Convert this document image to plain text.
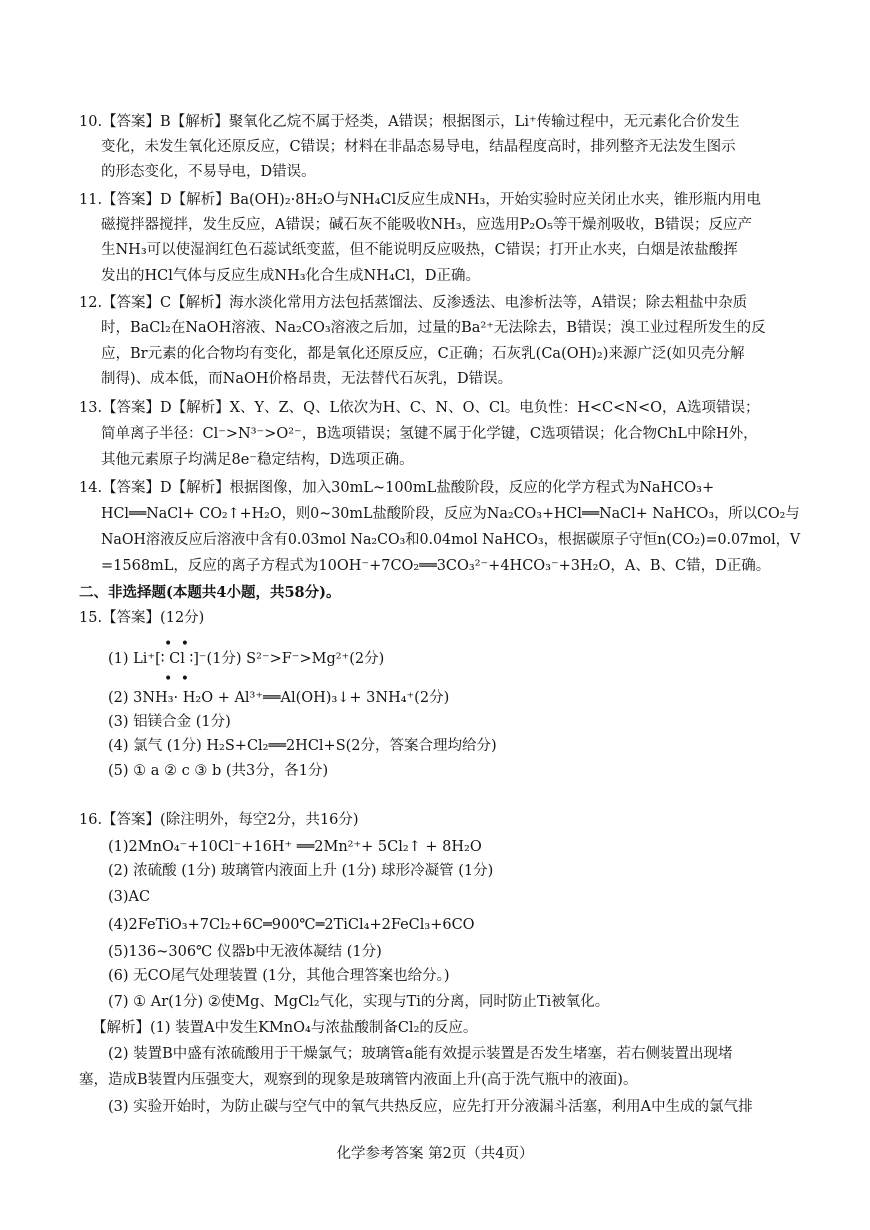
10.【答案】B【解析】聚氧化乙烷不属于烃类，A错误；根据图示，Li⁺传输过程中，无元素化合价发生
变化，未发生氧化还原反应，C错误；材料在非晶态易导电，结晶程度高时，排列整齐无法发生图示
的形态变化，不易导电，D错误。
11.【答案】D【解析】Ba(OH)₂·8H₂O与NH₄Cl反应生成NH₃，开始实验时应关闭止水夹，锥形瓶内用电
磁搅拌器搅拌，发生反应，A错误；碱石灰不能吸收NH₃，应选用P₂O₅等干燥剂吸收，B错误；反应产
生NH₃可以使湿润红色石蕊试纸变蓝，但不能说明反应吸热，C错误；打开止水夹，白烟是浓盐酸挥
发出的HCl气体与反应生成NH₃化合生成NH₄Cl，D正确。
12.【答案】C【解析】海水淡化常用方法包括蒸馏法、反渗透法、电渗析法等，A错误；除去粗盐中杂质
时，BaCl₂在NaOH溶液、Na₂CO₃溶液之后加，过量的Ba²⁺无法除去，B错误；溴工业过程所发生的反
应，Br元素的化合物均有变化，都是氧化还原反应，C正确；石灰乳(Ca(OH)₂)来源广泛(如贝壳分解
制得)、成本低，而NaOH价格昂贵，无法替代石灰乳，D错误。
13.【答案】D【解析】X、Y、Z、Q、L依次为H、C、N、O、Cl。电负性：H<C<N<O，A选项错误；
简单离子半径：Cl⁻>N³⁻>O²⁻，B选项错误；氢键不属于化学键，C选项错误；化合物ChL中除H外，
其他元素原子均满足8e⁻稳定结构，D选项正确。
14.【答案】D【解析】根据图像，加入30mL~100mL盐酸阶段，反应的化学方程式为NaHCO₃+
HCl══NaCl+ CO₂↑+H₂O，则0~30mL盐酸阶段，反应为Na₂CO₃+HCl══NaCl+ NaHCO₃，所以CO₂与
NaOH溶液反应后溶液中含有0.03mol Na₂CO₃和0.04mol NaHCO₃，根据碳原子守恒n(CO₂)=0.07mol，V
=1568mL，反应的离子方程式为10OH⁻+7CO₂══3CO₃²⁻+4HCO₃⁻+3H₂O，A、B、C错，D正确。
二、非选择题(本题共4小题，共58分)。
15.【答案】(12分)
(1) Li⁺[∶ Cl ∶]⁻(1分) S²⁻>F⁻>Mg²⁺(2分)
(2) 3NH₃· H₂O + Al³⁺══Al(OH)₃↓+ 3NH₄⁺(2分)
(3) 铝镁合金 (1分)
(4) 氯气 (1分) H₂S+Cl₂══2HCl+S(2分，答案合理均给分)
(5) ① a ② c ③ b (共3分，各1分)
16.【答案】(除注明外，每空2分，共16分)
(1)2MnO₄⁻+10Cl⁻+16H⁺ ══2Mn²⁺+ 5Cl₂↑ + 8H₂O
(2) 浓硫酸 (1分) 玻璃管内液面上升 (1分) 球形冷凝管 (1分)
(3)AC
(4)2FeTiO₃+7Cl₂+6C═900℃═2TiCl₄+2FeCl₃+6CO
(5)136~306℃ 仪器b中无液体凝结 (1分)
(6) 无CO尾气处理装置 (1分，其他合理答案也给分。)
(7) ① Ar(1分) ②使Mg、MgCl₂气化，实现与Ti的分离，同时防止Ti被氧化。
【解析】(1) 装置A中发生KMnO₄与浓盐酸制备Cl₂的反应。
(2) 装置B中盛有浓硫酸用于干燥氯气；玻璃管a能有效提示装置是否发生堵塞，若右侧装置出现堵
塞，造成B装置内压强变大，观察到的现象是玻璃管内液面上升(高于洗气瓶中的液面)。
(3) 实验开始时，为防止碳与空气中的氧气共热反应，应先打开分液漏斗活塞，利用A中生成的氯气排
• •
• •
化学参考答案 第2页（共4页）
